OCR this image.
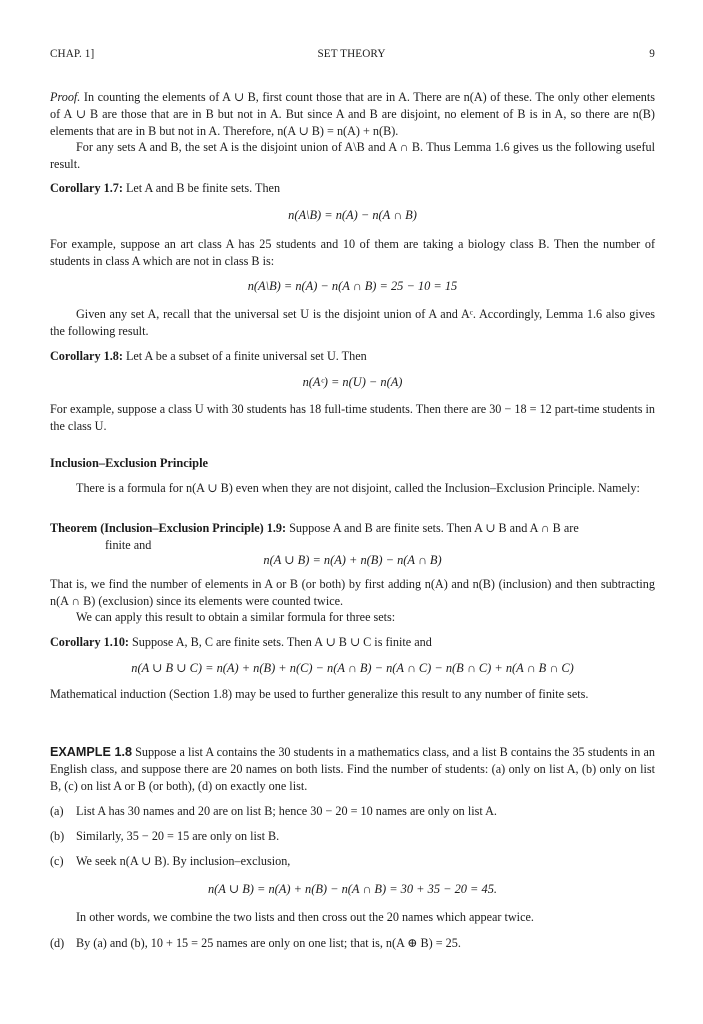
CHAP. 1]	SET THEORY	9
Proof. In counting the elements of A ∪ B, first count those that are in A. There are n(A) of these. The only other elements of A ∪ B are those that are in B but not in A. But since A and B are disjoint, no element of B is in A, so there are n(B) elements that are in B but not in A. Therefore, n(A ∪ B) = n(A) + n(B).
For any sets A and B, the set A is the disjoint union of A\B and A ∩ B. Thus Lemma 1.6 gives us the following useful result.
Corollary 1.7: Let A and B be finite sets. Then
n(A\B) = n(A) − n(A ∩ B)
For example, suppose an art class A has 25 students and 10 of them are taking a biology class B. Then the number of students in class A which are not in class B is:
n(A\B) = n(A) − n(A ∩ B) = 25 − 10 = 15
Given any set A, recall that the universal set U is the disjoint union of A and Aᶜ. Accordingly, Lemma 1.6 also gives the following result.
Corollary 1.8: Let A be a subset of a finite universal set U. Then
n(Aᶜ) = n(U) − n(A)
For example, suppose a class U with 30 students has 18 full-time students. Then there are 30 − 18 = 12 part-time students in the class U.
Inclusion–Exclusion Principle
There is a formula for n(A ∪ B) even when they are not disjoint, called the Inclusion–Exclusion Principle. Namely:
Theorem (Inclusion–Exclusion Principle) 1.9: Suppose A and B are finite sets. Then A ∪ B and A ∩ B are
finite and
n(A ∪ B) = n(A) + n(B) − n(A ∩ B)
That is, we find the number of elements in A or B (or both) by first adding n(A) and n(B) (inclusion) and then subtracting n(A ∩ B) (exclusion) since its elements were counted twice.
We can apply this result to obtain a similar formula for three sets:
Corollary 1.10: Suppose A, B, C are finite sets. Then A ∪ B ∪ C is finite and
n(A ∪ B ∪ C) = n(A) + n(B) + n(C) − n(A ∩ B) − n(A ∩ C) − n(B ∩ C) + n(A ∩ B ∩ C)
Mathematical induction (Section 1.8) may be used to further generalize this result to any number of finite sets.
EXAMPLE 1.8 Suppose a list A contains the 30 students in a mathematics class, and a list B contains the 35 students in an English class, and suppose there are 20 names on both lists. Find the number of students: (a) only on list A, (b) only on list B, (c) on list A or B (or both), (d) on exactly one list.
(a) List A has 30 names and 20 are on list B; hence 30 − 20 = 10 names are only on list A.
(b) Similarly, 35 − 20 = 15 are only on list B.
(c) We seek n(A ∪ B). By inclusion–exclusion,
n(A ∪ B) = n(A) + n(B) − n(A ∩ B) = 30 + 35 − 20 = 45.
In other words, we combine the two lists and then cross out the 20 names which appear twice.
(d) By (a) and (b), 10 + 15 = 25 names are only on one list; that is, n(A ⊕ B) = 25.
